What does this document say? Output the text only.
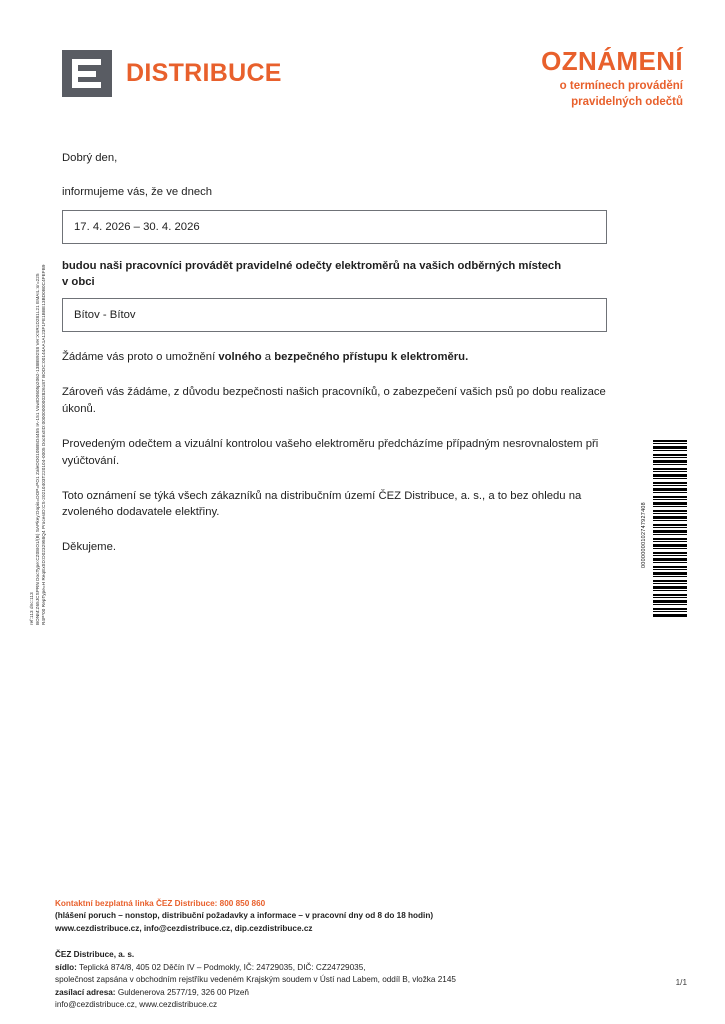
R4P*00 RepType=H ReqExtID:D0232958Q4 ProcesID:CS-20210403T220104-0005 DocExtID:00000000002826187 BODC:00144AA1A123F1FE1BBE13BD0B0C4FEFB9
BONM:Z65JCSPRN DocType:CZ08IO1/(B) SAPkey:Dopis=DOP=PO1 ZaleDO0105B5D4455 IA-151 VowID0605p2062-138B892S8 Ver:XSR1D281L21 EMAIL:sr=225
ref:113 dnc:113
DISTRIBUCE	OZNÁMENÍ
o termínech provádění
pravidelných odečtů
Dobrý den,
informujeme vás, že ve dnech
17. 4. 2026 – 30. 4. 2026
budou naši pracovníci provádět pravidelné odečty elektroměrů na vašich odběrných místech
v obci
Bítov - Bítov
Žádáme vás proto o umožnění volného a bezpečného přístupu k elektroměru.
Zároveň vás žádáme, z důvodu bezpečnosti našich pracovníků, o zabezpečení vašich psů po dobu realizace úkonů.
Provedeným odečtem a vizuální kontrolou vašeho elektroměru předcházíme případným nesrovnalostem při vyúčtování.
Toto oznámení se týká všech zákazníků na distribučním území ČEZ Distribuce, a. s., a to bez ohledu na zvoleného dodavatele elektřiny.
Děkujeme.	00000000102747927408
Kontaktní bezplatná linka ČEZ Distribuce: 800 850 860
(hlášení poruch – nonstop, distribuční požadavky a informace – v pracovní dny od 8 do 18 hodin)
www.cezdistribuce.cz, info@cezdistribuce.cz, dip.cezdistribuce.cz
ČEZ Distribuce, a. s.
sídlo: Teplická 874/8, 405 02 Děčín IV – Podmokly, IČ: 24729035, DIČ: CZ24729035,
společnost zapsána v obchodním rejstříku vedeném Krajským soudem v Ústí nad Labem, oddíl B, vložka 2145
zasílací adresa: Guldenerova 2577/19, 326 00 Plzeň
info@cezdistribuce.cz, www.cezdistribuce.cz
1/1
